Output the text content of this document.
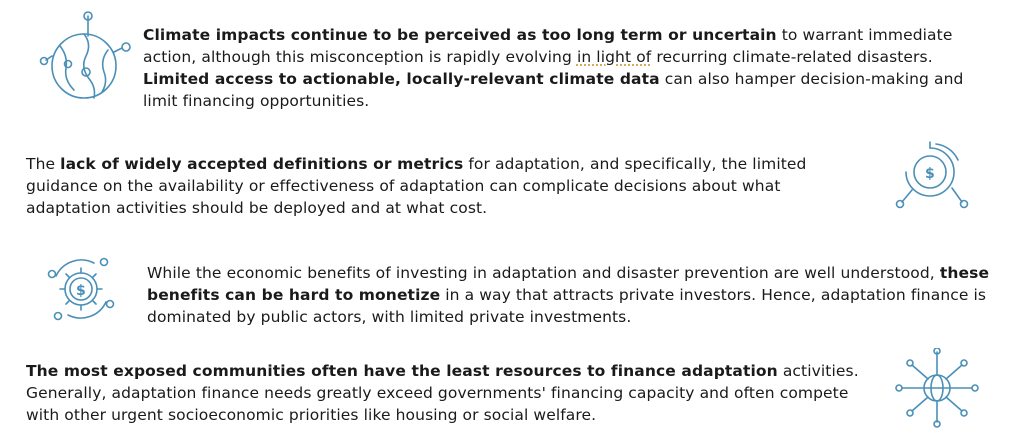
Climate impacts continue to be perceived as too long term or uncertain to warrant immediate action, although this misconception is rapidly evolving in light of recurring climate-related disasters.
Limited access to actionable, locally-relevant climate data can also hamper decision-making and limit financing opportunities.
The lack of widely accepted definitions or metrics for adaptation, and specifically, the limited guidance on the availability or effectiveness of adaptation can complicate decisions about what adaptation activities should be deployed and at what cost.
$
$
While the economic benefits of investing in adaptation and disaster prevention are well understood, these benefits can be hard to monetize in a way that attracts private investors. Hence, adaptation finance is dominated by public actors, with limited private investments.
The most exposed communities often have the least resources to finance adaptation activities. Generally, adaptation finance needs greatly exceed governments' financing capacity and often compete with other urgent socioeconomic priorities like housing or social welfare.
